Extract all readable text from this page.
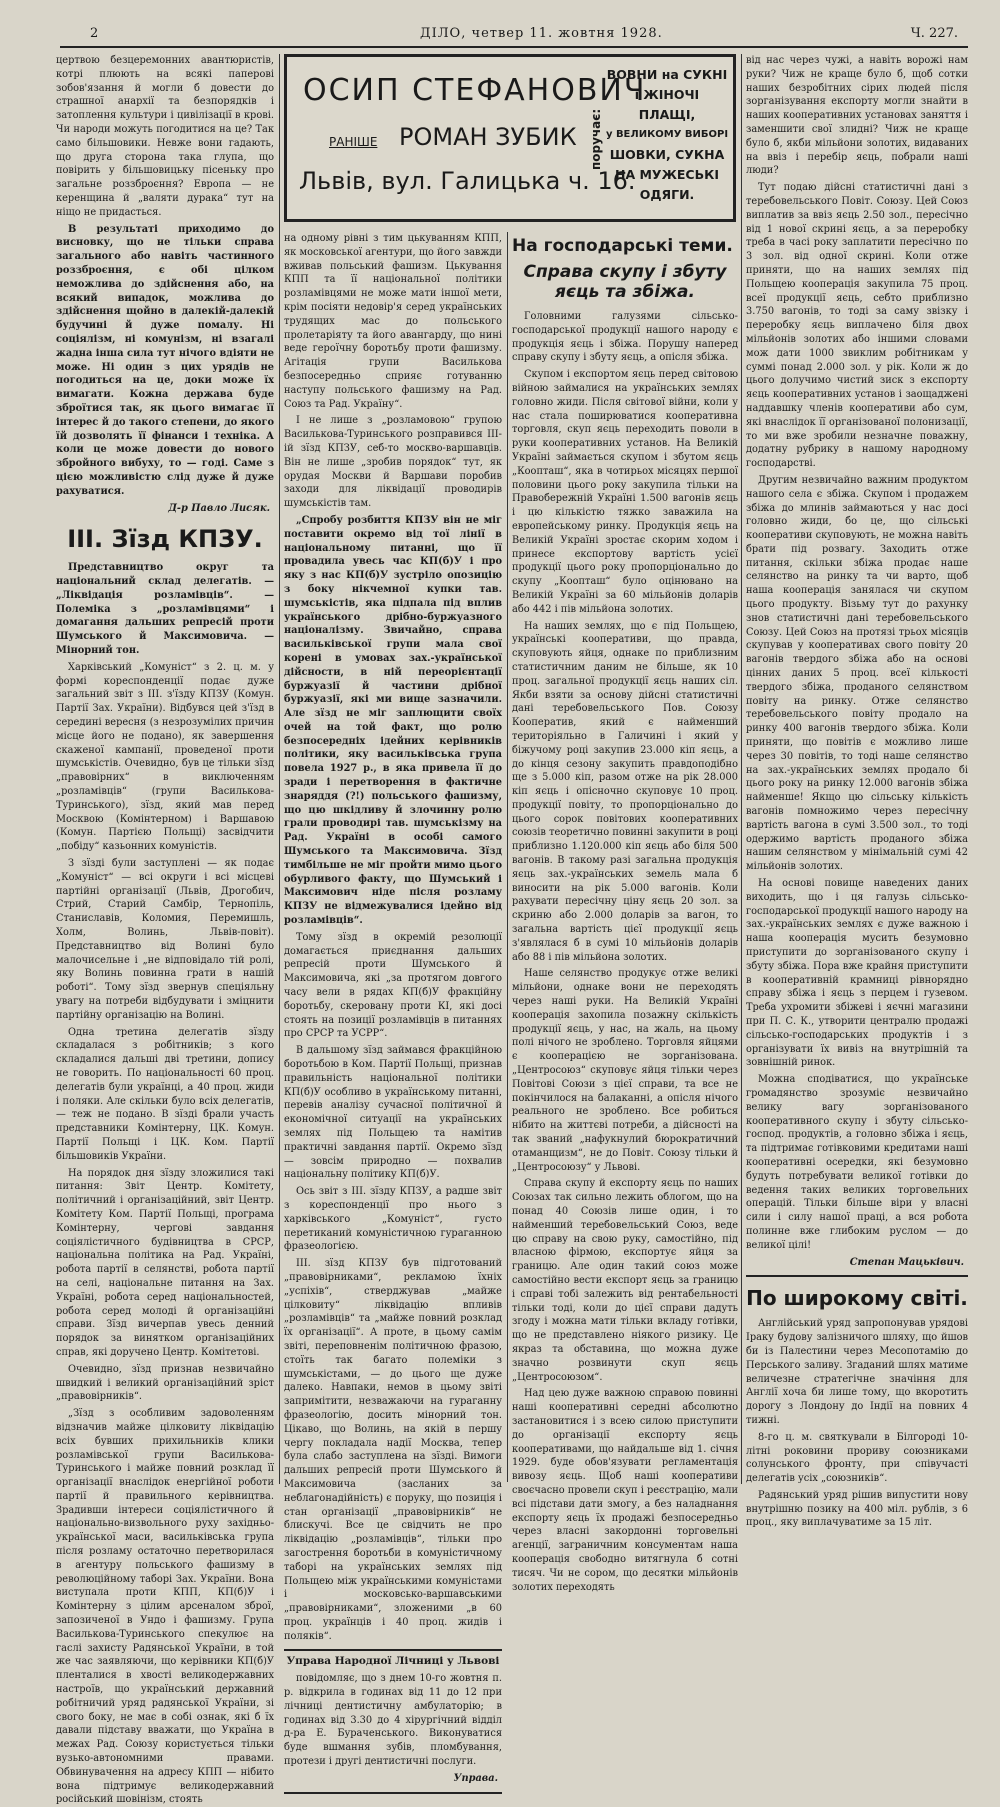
2	ДІЛО, четвер 11. жовтня 1928.	Ч. 227.

цертвою безцеремонних авантюристів, котрі плюють на всякі паперові зобов'язання й могли б довести до страшної анархії та безпорядків і затоплення культури і цивілізації в крові. Чи народи можуть погодитися на це? Так само більшовики. Невже вони гадають, що друга сторона така глупа, що повірить у більшовицьку пісеньку про загальне роззброєння? Европа — не керенщина й „валяти дурака“ тут на ніщо не придасться.

В результаті приходимо до висновку, що не тільки справа загального або навіть частинного роззброєння, є обі цілком неможлива до здійснення або, на всякий випадок, можлива до здійснення щойно в далекій-далекій будучині й дуже помалу. Ні соціялізм, ні комунізм, ні взагалі жадна інша сила тут нічого вдіяти не може. Ні один з цих урядів не погодиться на це, доки може їх вимагати. Кожна держава буде зброїтися так, як цього вимагає її інтерес й до такого степени, до якого їй дозволять її фінанси і техніка. А коли це може довести до нового збройного вибуху, то — годі. Саме з цією можливістю слід дуже й дуже рахуватися.

Д-р Павло Лисяк.
III. Зїзд КПЗУ.

Представництво округ та національний склад делегатів. — „Ліквідація розламівців“. — Полеміка з „розламівцями“ і домагання дальших репресій проти Шумського й Максимовича. — Мінорний тон.

Харківський „Комуніст“ з 2. ц. м. у формі кореспонденції подає дуже загальний звіт з III. з'їзду КПЗУ (Комун. Партії Зах. України). Відбувся цей з'їзд в середині вересня (з незрозумілих причин місце його не подано), як завершення скаженої кампанії, проведеної проти шумськістів. Очевидно, був це тільки зїзд „правовірних“ в виключенням „розламівців“ (групи Васильковa-Туринського), зїзд, який мав перед Москвою (Комінтерном) і Варшавою (Комун. Партією Польщі) засвідчити „побіду“ казьонних комуністів.

З зїзді були заступлені — як подає „Комуніст“ — всі округи і всі місцеві партійні організації (Львів, Дрогобич, Стрий, Старий Самбір, Тернопіль, Станиславів, Коломия, Перемишль, Холм, Волинь, Львів-повіт). Представництво від Волині було малочисельне і „не відповідало тій ролі, яку Волинь повинна грати в нашій роботі“. Тому зїзд звернув спеціяльну увагу на потреби відбудувати і зміцнити партійну організацію на Волині.

Одна третина делегатів зїзду складалася з робітників; з кого складалися дальші дві третини, допису не говорить. По національності 60 проц. делегатів були українці, а 40 проц. жиди і поляки. Але скільки було всіх делегатів, — теж не подано. В зїзді брали участь представники Комінтерну, ЦК. Комун. Партії Польщі і ЦК. Ком. Партії більшовиків України.

На порядок дня зїзду зложилися такі питання: Звіт Центр. Комітету, політичний і організаційний, звіт Центр. Комітету Ком. Партії Польщі, програма Комінтерну, чергові завдання соціялістичного будівництва в СРСР, національна політика на Рад. Україні, робота партії в селянстві, робота партії на селі, національне питання на Зах. Україні, робота серед національностей, робота серед молоді й організаційні справи. Зїзд вичерпав увесь денний порядок за винятком організаційних справ, які доручено Центр. Комітетові.

Очевидно, зїзд признав незвичайно швидкий і великий організаційний зріст „правовірників“.

„Зїзд з особливим задоволенням відзначив майже цілковиту ліквідацію всіх бувших прихильників клики розламівської групи Василькова-Туринського і майже повний розклад її організації внаслідок енергійної роботи партії й правильного керівництва. Зрадивши інтереси соціялістичного й національно-визвольного руху західньо-української маси, васильківська група після розламу остаточно перетворилася в агентуру польського фашизму в революційному таборі Зах. України. Вона виступала проти КПП, КП(б)У і Комінтерну з цілим арсеналом зброї, запозиченої в Ундо і фашизму. Група Василькова-Туринського спекулює на гаслі захисту Радянської України, в той же час заявляючи, що керівники КП(б)У пленталися в хвості великодержавних настроїв, що український державний робітничий уряд радянської України, зі свого боку, не має в собі ознак, які б їх давали підставу вважати, що Україна в межах Рад. Союзу користується тільки вузько-автономними правами. Обвинувачення на адресу КПП — нібито вона підтримує великодержавний російський шовінізм, стоять

ОСИП СТЕФАНОВИЧ
РАНІШЕ РОМАН ЗУБИК
Львів, вул. Галицька ч. 16.
поручає:
ВОВНИ на СУКНІ
і ЖІНОЧІ ПЛАЩІ,
у ВЕЛИКОМУ ВИБОРІ
ШОВКИ, СУКНА
НА МУЖЕСЬКІ
ОДЯГИ.

на одному рівні з тим цькуванням КПП, як московської агентури, що його завжди вживав польський фашизм. Цькування КПП та її національної політики розламівцями не може мати іншої мети, крім посіяти недовір'я серед українських трудящих мас до польського пролетаріяту та його авангарду, що нині веде героїчну боротьбу проти фашизму. Агітація групи Василькова безпосередньо сприяє готуванню наступу польського фашизму на Рад. Союз та Рад. Україну“.

І не лише з „розламовою“ групою Василькова-Туринського розправився III-ій зїзд КПЗУ, себ-то москво-варшавців. Він не лише „зробив порядок“ тут, як орудая Москви й Варшави поробив заходи для ліквідації проводирів шумськістів там.

„Спробу розбиття КПЗУ він не міг поставити окремо від тої лінії в національному питанні, що її провадила увесь час КП(б)У і про яку з нас КП(б)У зустріло опозицію з боку нікчемної купки тав. шумськістів, яка підпала під вплив українського дрібно-буржуазного націоналізму. Звичайно, справа васильківської групи мала свої корені в умовах зах.-української дійсности, в ній переорієнтації буржуазії й частини дрібної буржуазії, які ми вище зазначили. Але зїзд не міг заплющити своїх очей на той факт, що ролю безпосередніх ідейних керівників політики, яку васильківська група повела 1927 р., в яка привела її до зради і перетворення в фактичне знаряддя (?!) польського фашизму, що цю шкідливу й злочинну ролю грали проводирі тав. шумськізму на Рад. Україні в особі самого Шумського та Максимовича. Зїзд тимбільше не міг пройти мимо цього обурливого факту, що Шумський і Максимович ніде після розламу КПЗУ не відмежувалися ідейно від розламівців“.

Тому зїзд в окремій резолюції домагається приєднання дальших репресій проти Шумського й Максимовича, які „за протягом довгого часу вели в рядах КП(б)У фракційну боротьбу, скеровану проти КІ, які досі стоять на позиції розламівців в питаннях про СРСР та УСРР“.

В дальшому зїзд займався фракційною боротьбою в Ком. Партії Польщі, признав правильність національної політики КП(б)У особливо в українському питанні, перевів аналізу сучасної політичної й економічної ситуації на українських землях під Польщею та намітив практичні завдання партії. Окремо зїзд — зовсім природно — похвалив національну політику КП(б)У.

Ось звіт з III. зїзду КПЗУ, а радше звіт з кореспонденції про нього з харківського „Комуніст“, густо перетиканий комуністичною гураганною фразеологією.

III. зїзд КПЗУ був підготований „правовірниками“, рекламою їхніх „успіхів“, стверджував „майже цілковиту“ ліквідацію впливів „розламівців“ та „майже повний розклад їх організації“. А проте, в цьому самім звіті, переповненім політичною фразою, стоїть так багато полеміки з шумськістами, — до цього ще дуже далеко. Навпаки, немов в цьому звіті запримітити, незважаючи на гураганну фразеологію, досить мінорний тон. Цікаво, що Волинь, на якій в першу чергу покладала надії Москва, тепер була слабо заступлена на зїзді. Вимоги дальших репресій проти Шумського й Максимовича (засланих за неблагонадійність) є поруку, що позиція і стан організації „правовірників“ не блискучі. Все це свідчить не про ліквідацію „розламівців“, тільки про загострення боротьби в комуністичному таборі на українських землях під Польщею між українськими комуністами і московсько-варшавськими „правовірниками“, зложеними „в 60 проц. українців і 40 проц. жидів і поляків“.

Управа Народної Лічниці у Львові

повідомляє, що з днем 10-го жовтня п. р. відкрила в годинах від 11 до 12 при лічниці дентистичну амбулаторію; в годинах від 3.30 до 4 хірургічний відділ д-ра Е. Бураченського. Виконуватися буде вшмання зубів, пломбування, протези і другі дентистичні послуги.

Управа.
На господарські теми.
Справа скупу і збуту яєць та збіжа.

Головними галузями сільсько-господарської продукції нашого народу є продукція яєць і збіжа. Порушу наперед справу скупу і збуту яєць, а опісля збіжа.

Скупом і експортом яєць перед світовою війною займалися на українських землях головно жиди. Після світової війни, коли у нас стала поширюватися кооперативна торговля, скуп яєць переходить поволи в руки кооперативних установ. На Великій Україні займається скупом і збутом яєць „Коопташ“, яка в чотирьох місяцях першої половини цього року закупила тільки на Правобережній Україні 1.500 вагонів яєць і цю кількістю тяжко заважила на европейському ринку. Продукція яєць на Великій Україні зростає скорим ходом і принесе експортову вартість усієї продукції цього року пропорціонально до скупу „Коопташ“ було оцінювано на Великій Україні за 60 мільйонів доларів або 442 і пів мільйона золотих.

На наших землях, що є під Польщею, українські кооперативи, що правда, скуповують яйця, однаке по приблизним статистичним даним не більше, як 10 проц. загальної продукції яєць наших сіл. Якби взяти за основу дійсні статистичні дані теребовельського Пов. Союзу Кооператив, який є найменший територіяльно в Галичині і який у біжучому році закупив 23.000 кіп яєць, а до кінця сезону закупить правдоподібно ще з 5.000 кіп, разом отже на рік 28.000 кіп яєць і опісночно скуповує 10 проц. продукції повіту, то пропорціонально до цього сорок повітових кооперативних союзів теоретично повинні закупити в році приблизно 1.120.000 кіп яєць або біля 500 вагонів. В такому разі загальна продукція яєць зах.-українських земель мала б виносити на рік 5.000 вагонів. Коли рахувати пересічну ціну яєць 20 зол. за скриню або 2.000 доларів за вагон, то загальна вартість цієї продукції яєць з'являлася б в сумі 10 мільйонів доларів або 88 і пів мільйона золотих.

Наше селянство продукує отже великі мільйони, однаке вони не переходять через наші руки. На Великій Україні кооперація захопила позажну скількість продукції яєць, у нас, на жаль, на цьому полі нічого не зроблено. Торговля яйцями є кооперацією не зорганізована. „Центросоюз“ скуповує яйця тільки через Повітові Союзи з цієї справи, та все не покінчилося на балаканні, а опісля нічого реального не зроблено. Все робиться нібито на життєві потреби, а дійсності на так званий „нафукнулий бюрократичний отаманщизм“, не до Повіт. Союзу тільки й „Центросоюзу“ у Львові.

Справа скупу й експорту яєць по наших Союзах так сильно лежить облогом, що на понад 40 Союзів лише один, і то найменший теребовельський Союз, веде цю справу на свою руку, самостійно, під власною фірмою, експортує яйця за границю. Але один такий союз може самостійно вести експорт яєць за границю і справі тобі залежить від рентабельності тільки тоді, коли до цієї справи дадуть згоду і можна мати тільки вкладу готівки, що не представлено ніякого ризику. Це якраз та обставина, що можна дуже значно розвинути скуп яєць „Центросоюзом“.

Над цею дуже важною справою повинні наші кооперативні середні абсолютно застановитися і з всею силою приступити до організації експорту яєць кооперативами, що найдальше від 1. січня 1929. буде обов'язувати регламентація вивозу яєць. Щоб наші кооперативи своєчасно провели скуп і реєстрацію, мали всі підстави дати змогу, а без наладнання експорту яєць їх продажі безпосередньо через власні закордонні торговельні агенції, заграничним консументам наша кооперація свободно витягнула б сотні тисяч. Чи не сором, що десятки мільйонів золотих переходять

від нас через чужі, а навіть ворожі нам руки? Чиж не краще було б, щоб сотки наших безробітних сірих людей після зорганізування експорту могли знайти в наших кооперативних установах заняття і заменшити свої злидні? Чиж не краще було б, якби мільйони золотих, видаваних на ввіз і перебір яєць, побрали наші люди?

Тут подаю дійсні статистичні дані з теребовельського Повіт. Союзу. Цей Союз виплатив за ввіз яєць 2.50 зол., пересічно від 1 нової скрині яєць, а за переробку треба в часі року заплатити пересічно по 3 зол. від одної скрині. Коли отже приняти, що на наших землях під Польщею кооперація закупила 75 проц. всеї продукції яєць, себто приблизно 3.750 вагонів, то тоді за саму звізку і переробку яєць виплачено біля двох мільйонів золотих або іншими словами мож дати 1000 звиклим робітникам у суммі понад 2.000 зол. у рік. Коли ж до цього долучимо чистий зиск з експорту яєць кооперативних установ і заощаджені наддавшку членів кооперативи або сум, які внаслідок її організованої полонизації, то ми вже зробили незначне поважну, додатну рубрику в нашому народному господарстві.

Другим незвичайно важним продуктом нашого села є збіжа. Скупом і продажем збіжа до млинів займаються у нас досі головно жиди, бо це, що сільські кооперативи скуповують, не можна навіть брати під розвагу. Заходить отже питання, скільки збіжа продає наше селянство на ринку та чи варто, щоб наша кооперація занялася чи скупом цього продукту. Візьму тут до рахунку знов статистичні дані теребовельського Союзу. Цей Союз на протязі трьох місяців скупував у кооперативах свого повіту 20 вагонів твердого збіжа або на основі цінних даних 5 проц. всеї кількості твердого збіжа, проданого селянством повіту на ринку. Отже селянство теребовельського повіту продало на ринку 400 вагонів твердого збіжа. Коли приняти, що повітів є можливо лише через 30 повітів, то тоді наше селянство на зах.-українських землях продало бі цього року на ринку 12.000 вагонів збіжа найменше! Якщо цю сільську кількість вагонів помножимо через пересічну вартість вагона в сумі 3.500 зол., то тоді одержимо вартість проданого збіжа нашим селянством у мінімальній сумі 42 мільйонів золотих.

На основі повище наведених даних виходить, що і ця галузь сільсько-господарської продукції нашого народу на зах.-українських землях є дуже важною і наша кооперація мусить безумовно приступити до зорганізованого скупу і збуту збіжа. Пора вже крайня приступити в кооперативній крамниці рівнорядно справу збіжа і яєць з перцем і гузевом. Треба ухромити збіжеві і яєчні магазини при П. С. К., утворити централю продажі сільсько-господарських продуктів і з організувати їх вивіз на внутрішній та зовнішній ринок.

Можна сподіватися, що українське громадянство зрозуміє незвичайно велику вагу зорганізованого кооперативного скупу і збуту сільсько-господ. продуктів, а головно збіжа і яєць, та підтримає готівковими кредитами наші кооперативні осередки, які безумовно будуть потребувати великої готівки до ведення таких великих торговельних операцій. Тільки більше віри у власні сили і силу нашої праці, а вся робота полинне вже глибоким руслом — до великої цілі!

Степан Мацьківич.
По широкому світі.

Англійський уряд запропонував урядові Іраку будову залізничого шляху, що йшов би із Палестини через Месопотамію до Перського заливу. Згаданий шлях матиме величезне стратегічне значіння для Англії хоча би лише тому, що вкоротить дорогу з Лондону до Індії на повних 4 тижні.

8-го ц. м. святкували в Білгороді 10-літні роковини прориву союзниками солунського фронту, при співучасті делегатів усіх „союзників“.

Радянський уряд рішив випустити нову внутрішню позику на 400 міл. рублів, з 6 проц., яку виплачуватиме за 15 літ.
